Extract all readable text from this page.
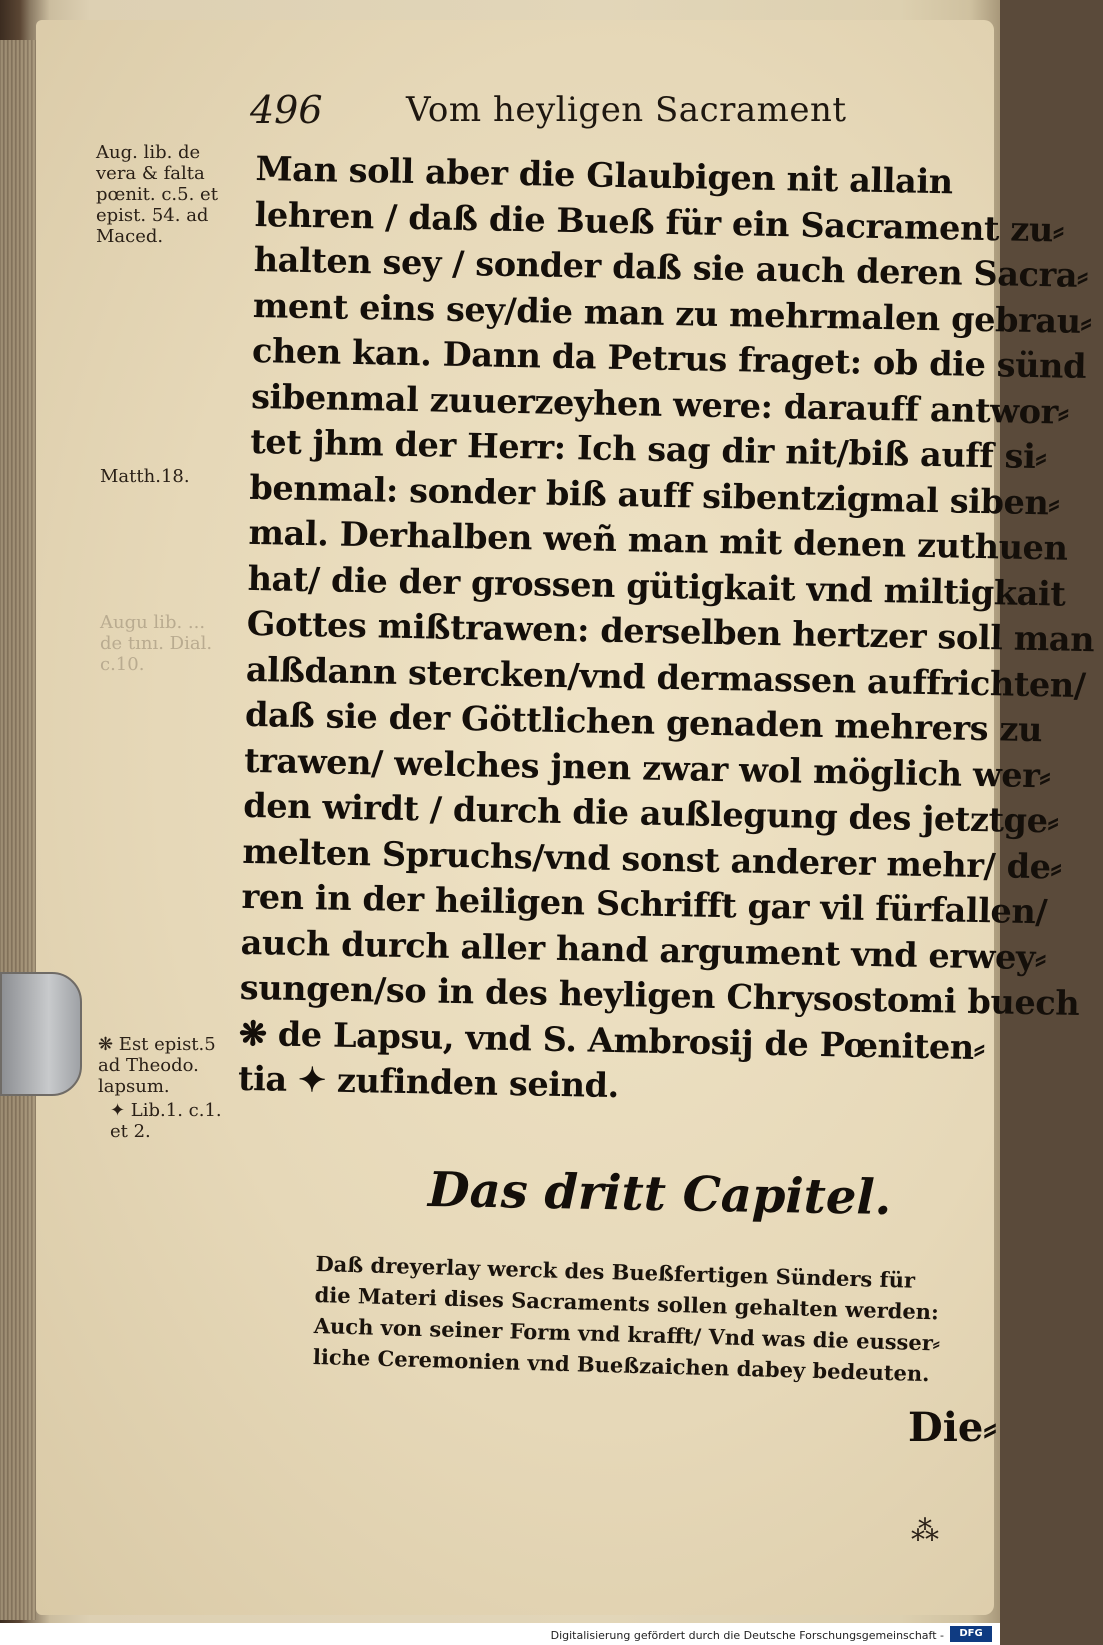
496 Vom heyligen Sacrament
Aug. lib. de
vera & falta
pœnit. c.5. et
epist. 54. ad
Maced.
Matth.18.
Augu lib. ...
de tını. Dial.
c.10.
❋ Est epist.5
ad Theodo.
lapsum.
✦ Lib.1. c.1.
et 2.
Man soll aber die Glaubigen nit allain
lehren / daß die Bueß für ein Sacrament zu⸗
halten sey / sonder daß sie auch deren Sacra⸗
ment eins sey/die man zu mehrmalen gebrau⸗
chen kan. Dann da Petrus fraget: ob die sünd
sibenmal zuuerzeyhen were: darauff antwor⸗
tet jhm der Herr: Ich sag dir nit/biß auff si⸗
benmal: sonder biß auff sibentzigmal siben⸗
mal. Derhalben weñ man mit denen zuthuen
hat/ die der grossen gütigkait vnd miltigkait
Gottes mißtrawen: derselben hertzer soll man
alßdann stercken/vnd dermassen auffrichten/
daß sie der Göttlichen genaden mehrers zu
trawen/ welches jnen zwar wol möglich wer⸗
den wirdt / durch die außlegung des jetztge⸗
melten Spruchs/vnd sonst anderer mehr/ de⸗
ren in der heiligen Schrifft gar vil fürfallen/
auch durch aller hand argument vnd erwey⸗
sungen/so in des heyligen Chrysostomi buech
❋ de Lapsu, vnd S. Ambrosij de Pœniten⸗
tia ✦ zufinden seind.
Das dritt Capitel.
Daß dreyerlay werck des Bueßfertigen Sünders für
die Materi dises Sacraments sollen gehalten werden:
Auch von seiner Form vnd krafft/ Vnd was die eusser⸗
liche Ceremonien vnd Bueßzaichen dabey bedeuten.
Die⸗
⁂
Digitalisierung gefördert durch die Deutsche Forschungsgemeinschaft -	DFG
